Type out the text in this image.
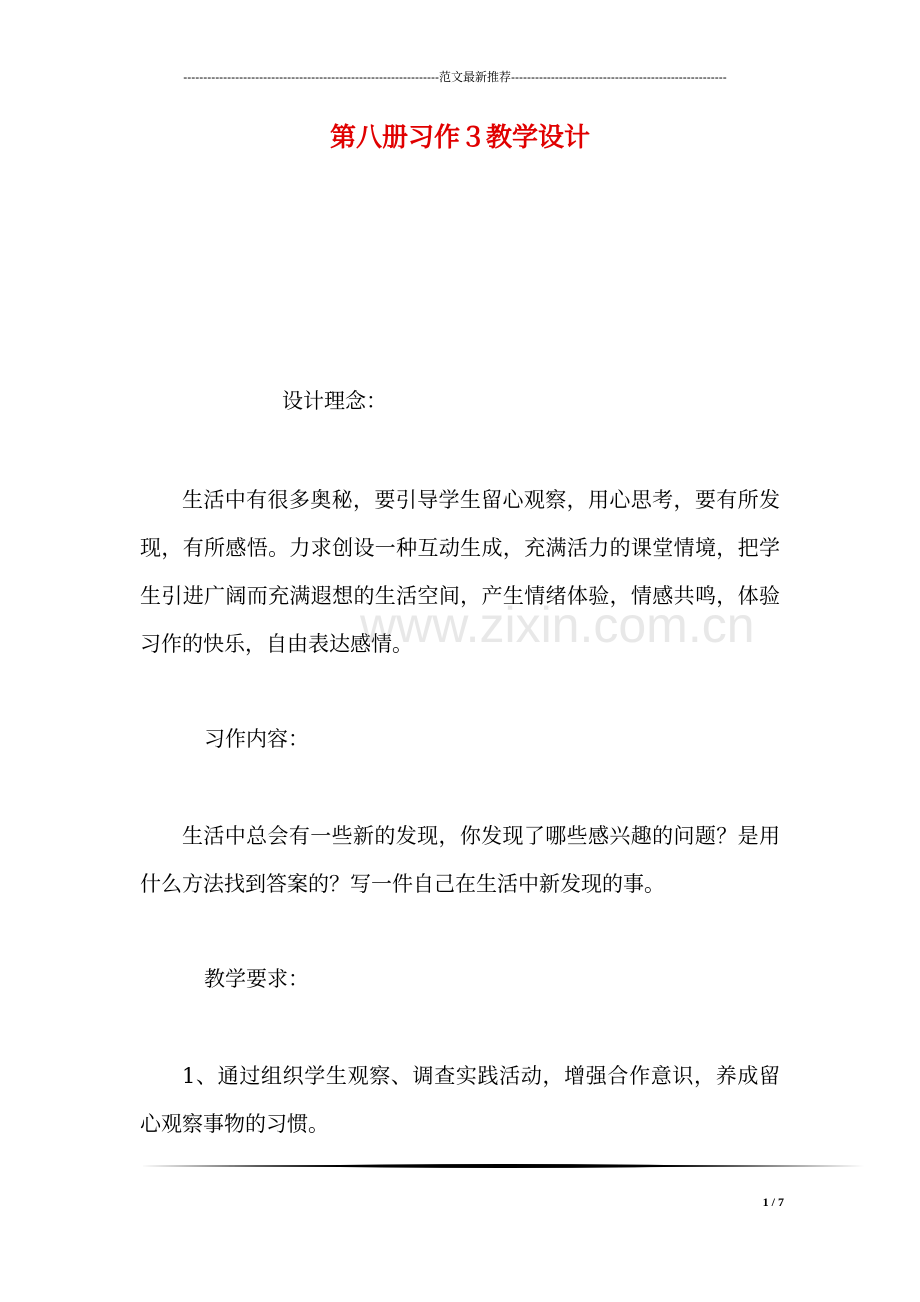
----------------------------------------------------------------范文最新推荐------------------------------------------------------
第八册习作３教学设计
设计理念：
生活中有很多奥秘，要引导学生留心观察，用心思考，要有所发现，有所感悟。力求创设一种互动生成，充满活力的课堂情境，把学生引进广阔而充满遐想的生活空间，产生情绪体验，情感共鸣，体验习作的快乐，自由表达感情。
习作内容：
生活中总会有一些新的发现，你发现了哪些感兴趣的问题？是用什么方法找到答案的？写一件自己在生活中新发现的事。
教学要求：
1、通过组织学生观察、调查实践活动，增强合作意识，养成留心观察事物的习惯。
www.zixin.com.cn
1 / 7
